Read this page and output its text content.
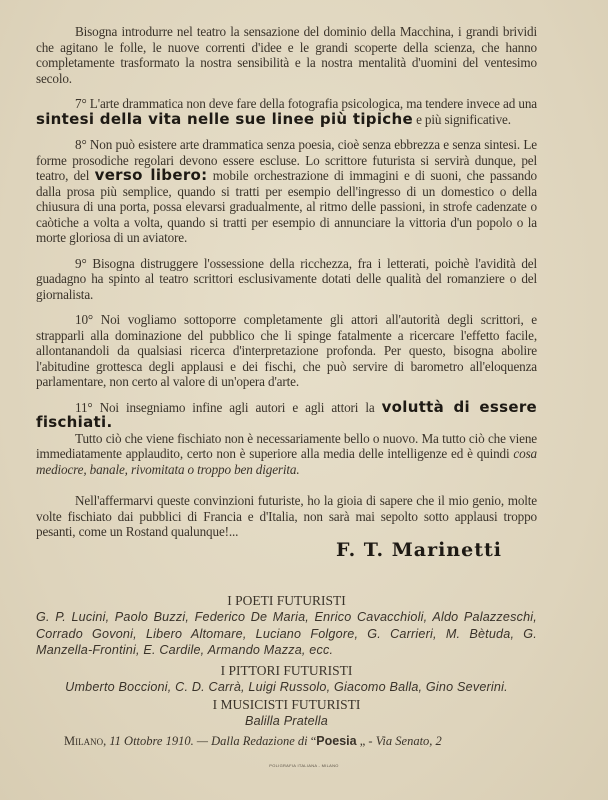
Bisogna introdurre nel teatro la sensazione del dominio della Macchina, i grandi brividi che agitano le folle, le nuove correnti d'idee e le grandi scoperte della scienza, che hanno completamente trasformato la nostra sensibilità e la nostra mentalità d'uomini del ventesimo secolo.

7° L'arte drammatica non deve fare della fotografia psicologica, ma tendere invece ad una sintesi della vita nelle sue linee più tipiche e più significative.

8° Non può esistere arte drammatica senza poesia, cioè senza ebbrezza e senza sintesi. Le forme prosodiche regolari devono essere escluse. Lo scrittore futurista si servirà dunque, pel teatro, del verso libero: mobile orchestrazione di immagini e di suoni, che passando dalla prosa più semplice, quando si tratti per esempio dell'ingresso di un domestico o della chiusura di una porta, possa elevarsi gradualmente, al ritmo delle passioni, in strofe cadenzate o caòtiche a volta a volta, quando si tratti per esempio di annunciare la vittoria d'un popolo o la morte gloriosa di un aviatore.

9° Bisogna distruggere l'ossessione della ricchezza, fra i letterati, poichè l'avidità del guadagno ha spinto al teatro scrittori esclusivamente dotati delle qualità del romanziere o del giornalista.

10° Noi vogliamo sottoporre completamente gli attori all'autorità degli scrittori, e strapparli alla dominazione del pubblico che li spinge fatalmente a ricercare l'effetto facile, allontanandoli da qualsiasi ricerca d'interpretazione profonda. Per questo, bisogna abolire l'abitudine grottesca degli applausi e dei fischi, che può servire di barometro all'eloquenza parlamentare, non certo al valore di un'opera d'arte.

11° Noi insegniamo infine agli autori e agli attori la voluttà di essere fischiati.

Tutto ciò che viene fischiato non è necessariamente bello o nuovo. Ma tutto ciò che viene immediatamente applaudito, certo non è superiore alla media delle intelligenze ed è quindi cosa mediocre, banale, rivomitata o troppo ben digerita.

Nell'affermarvi queste convinzioni futuriste, ho la gioia di sapere che il mio genio, molte volte fischiato dai pubblici di Francia e d'Italia, non sarà mai sepolto sotto applausi troppo pesanti, come un Rostand qualunque!...

F. T. Marinetti
I POETI FUTURISTI
G. P. Lucini, Paolo Buzzi, Federico De Maria, Enrico Cavacchioli, Aldo Palazzeschi, Corrado Govoni, Libero Altomare, Luciano Folgore, G. Carrieri, M. Bètuda, G. Manzella-Frontini, E. Cardile, Armando Mazza, ecc.
I PITTORI FUTURISTI
Umberto Boccioni, C. D. Carrà, Luigi Russolo, Giacomo Balla, Gino Severini.
I MUSICISTI FUTURISTI
Balilla Pratella
Milano, 11 Ottobre 1910. — Dalla Redazione di “Poesia „ - Via Senato, 2
POLIGRAFIA ITALIANA - MILANO
